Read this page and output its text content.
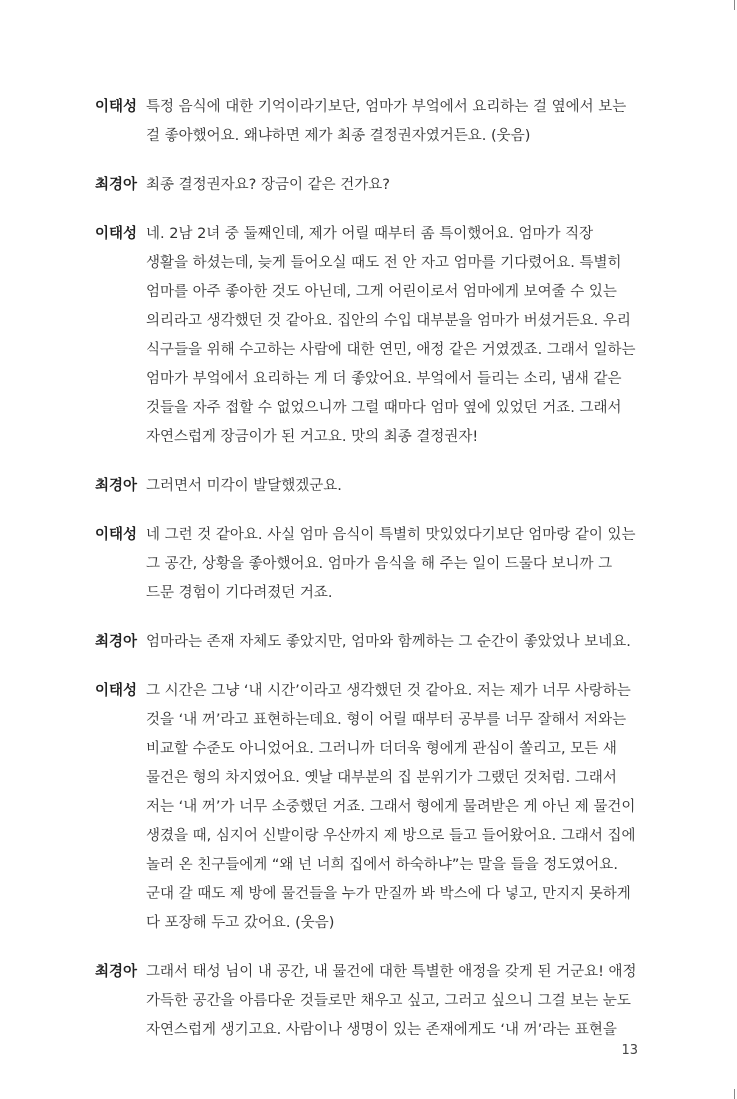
이태성 특정 음식에 대한 기억이라기보단, 엄마가 부엌에서 요리하는 걸 옆에서 보는
걸 좋아했어요. 왜냐하면 제가 최종 결정권자였거든요. (웃음)
최경아 최종 결정권자요? 장금이 같은 건가요?
이태성 네. 2남 2녀 중 둘째인데, 제가 어릴 때부터 좀 특이했어요. 엄마가 직장
생활을 하셨는데, 늦게 들어오실 때도 전 안 자고 엄마를 기다렸어요. 특별히
엄마를 아주 좋아한 것도 아닌데, 그게 어린이로서 엄마에게 보여줄 수 있는
의리라고 생각했던 것 같아요. 집안의 수입 대부분을 엄마가 버셨거든요. 우리
식구들을 위해 수고하는 사람에 대한 연민, 애정 같은 거였겠죠. 그래서 일하는
엄마가 부엌에서 요리하는 게 더 좋았어요. 부엌에서 들리는 소리, 냄새 같은
것들을 자주 접할 수 없었으니까 그럴 때마다 엄마 옆에 있었던 거죠. 그래서
자연스럽게 장금이가 된 거고요. 맛의 최종 결정권자!
최경아 그러면서 미각이 발달했겠군요.
이태성 네 그런 것 같아요. 사실 엄마 음식이 특별히 맛있었다기보단 엄마랑 같이 있는
그 공간, 상황을 좋아했어요. 엄마가 음식을 해 주는 일이 드물다 보니까 그
드문 경험이 기다려졌던 거죠.
최경아 엄마라는 존재 자체도 좋았지만, 엄마와 함께하는 그 순간이 좋았었나 보네요.
이태성 그 시간은 그냥 ‘내 시간’이라고 생각했던 것 같아요. 저는 제가 너무 사랑하는
것을 ‘내 꺼’라고 표현하는데요. 형이 어릴 때부터 공부를 너무 잘해서 저와는
비교할 수준도 아니었어요. 그러니까 더더욱 형에게 관심이 쏠리고, 모든 새
물건은 형의 차지였어요. 옛날 대부분의 집 분위기가 그랬던 것처럼. 그래서
저는 ‘내 꺼’가 너무 소중했던 거죠. 그래서 형에게 물려받은 게 아닌 제 물건이
생겼을 때, 심지어 신발이랑 우산까지 제 방으로 들고 들어왔어요. 그래서 집에
놀러 온 친구들에게 “왜 넌 너희 집에서 하숙하냐”는 말을 들을 정도였어요.
군대 갈 때도 제 방에 물건들을 누가 만질까 봐 박스에 다 넣고, 만지지 못하게
다 포장해 두고 갔어요. (웃음)
최경아 그래서 태성 님이 내 공간, 내 물건에 대한 특별한 애정을 갖게 된 거군요! 애정
가득한 공간을 아름다운 것들로만 채우고 싶고, 그러고 싶으니 그걸 보는 눈도
자연스럽게 생기고요. 사람이나 생명이 있는 존재에게도 ‘내 꺼’라는 표현을
13
